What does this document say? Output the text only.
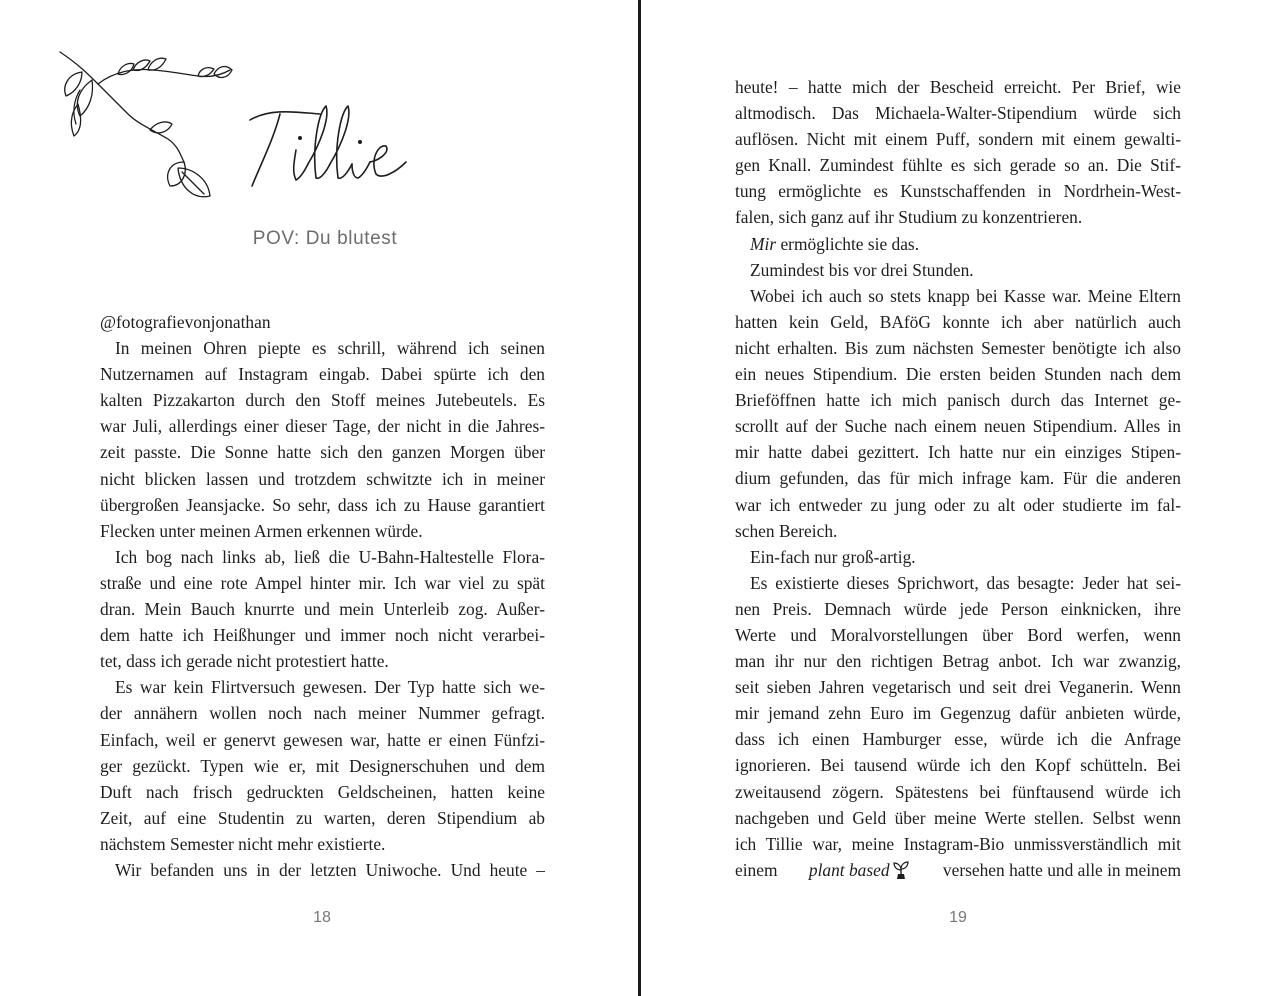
POV: Du blutest
@fotografievonjonathan
In meinen Ohren piepte es schrill, während ich seinen
Nutzernamen auf Instagram eingab. Dabei spürte ich den
kalten Pizzakarton durch den Stoff meines Jutebeutels. Es
war Juli, allerdings einer dieser Tage, der nicht in die Jahres-
zeit passte. Die Sonne hatte sich den ganzen Morgen über
nicht blicken lassen und trotzdem schwitzte ich in meiner
übergroßen Jeansjacke. So sehr, dass ich zu Hause garantiert
Flecken unter meinen Armen erkennen würde.
Ich bog nach links ab, ließ die U-Bahn-Haltestelle Flora-
straße und eine rote Ampel hinter mir. Ich war viel zu spät
dran. Mein Bauch knurrte und mein Unterleib zog. Außer-
dem hatte ich Heißhunger und immer noch nicht verarbei-
tet, dass ich gerade nicht protestiert hatte.
Es war kein Flirtversuch gewesen. Der Typ hatte sich we-
der annähern wollen noch nach meiner Nummer gefragt.
Einfach, weil er genervt gewesen war, hatte er einen Fünfzi-
ger gezückt. Typen wie er, mit Designerschuhen und dem
Duft nach frisch gedruckten Geldscheinen, hatten keine
Zeit, auf eine Studentin zu warten, deren Stipendium ab
nächstem Semester nicht mehr existierte.
Wir befanden uns in der letzten Uniwoche. Und heute –
18	19
heute! – hatte mich der Bescheid erreicht. Per Brief, wie
altmodisch. Das Michaela-Walter-Stipendium würde sich
auflösen. Nicht mit einem Puff, sondern mit einem gewalti-
gen Knall. Zumindest fühlte es sich gerade so an. Die Stif-
tung ermöglichte es Kunstschaffenden in Nordrhein-West-
falen, sich ganz auf ihr Studium zu konzentrieren.
Mir ermöglichte sie das.
Zumindest bis vor drei Stunden.
Wobei ich auch so stets knapp bei Kasse war. Meine Eltern
hatten kein Geld, BAföG konnte ich aber natürlich auch
nicht erhalten. Bis zum nächsten Semester benötigte ich also
ein neues Stipendium. Die ersten beiden Stunden nach dem
Brieföffnen hatte ich mich panisch durch das Internet ge-
scrollt auf der Suche nach einem neuen Stipendium. Alles in
mir hatte dabei gezittert. Ich hatte nur ein einziges Stipen-
dium gefunden, das für mich infrage kam. Für die anderen
war ich entweder zu jung oder zu alt oder studierte im fal-
schen Bereich.
Ein-fach nur groß-artig.
Es existierte dieses Sprichwort, das besagte: Jeder hat sei-
nen Preis. Demnach würde jede Person einknicken, ihre
Werte und Moralvorstellungen über Bord werfen, wenn
man ihr nur den richtigen Betrag anbot. Ich war zwanzig,
seit sieben Jahren vegetarisch und seit drei Veganerin. Wenn
mir jemand zehn Euro im Gegenzug dafür anbieten würde,
dass ich einen Hamburger esse, würde ich die Anfrage
ignorieren. Bei tausend würde ich den Kopf schütteln. Bei
zweitausend zögern. Spätestens bei fünftausend würde ich
nachgeben und Geld über meine Werte stellen. Selbst wenn
ich Tillie war, meine Instagram-Bio unmissverständlich mit
einem plant based	versehen hatte und alle in meinem
